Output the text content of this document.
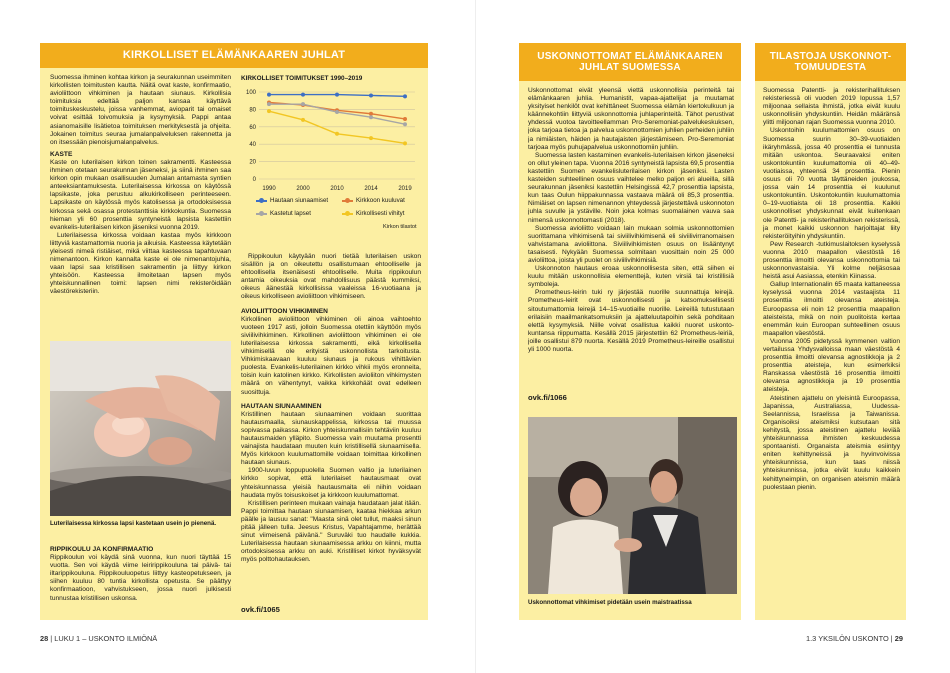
KIRKOLLISET ELÄMÄNKAAREN JUHLAT

Suomessa ihminen kohtaa kirkon ja seurakunnan useimmiten kirkollisten toimitusten kautta. Näitä ovat kaste, konfirmaatio, avioliittoon vihkiminen ja hautaan siunaus. Kirkollisia toimituksia edeltää paljon kansaa käyttävä toimituskeskustelu, joissa vanhemmat, avioparit tai omaiset voivat esittää toivomuksia ja kysymyksiä. Pappi antaa asianomaisille lisätietoa toimituksen merkityksestä ja ohjeita. Jokainen toimitus seuraa jumalanpalveluksen rakennetta ja on itsessään pienoisjumalanpalvelus.

KASTE

Kaste on luterilaisen kirkon toinen sakramentti. Kasteessa ihminen otetaan seurakunnan jäseneksi, ja siinä ihminen saa kirkon opin mukaan osallisuuden Jumalan antamasta syntien anteeksiantamuksesta. Luterilaisessa kirkossa on käytössä lapsikaste, joka perustuu alkukirkolliseen perinteeseen. Lapsikaste on käytössä myös katolisessa ja ortodoksisessa kirkossa sekä osassa protestanttisia kirkkokuntia. Suomessa hieman yli 60 prosenttia syntyneistä lapsista kastettiin evankelis-luterilaisen kirkon jäseniksi vuonna 2019.

Luterilaisessa kirkossa voidaan kastaa myös kirkkoon liittyviä kastamattomia nuoria ja aikuisia. Kasteessa käytetään yleisesti nimeä ristiäiset, mikä viittaa kasteessa tapahtuvaan nimenantoon. Kirkon kannalta kaste ei ole nimenantojuhla, vaan lapsi saa kristillisen sakramentin ja liittyy kirkon yhteisöön. Kasteessa ilmoitetaan lapsen myös yhteiskunnallinen toimi: lapsen nimi rekisteröidään väestörekisteriin.

Luterilaisessa kirkossa lapsi kastetaan usein jo pienenä.
RIPPIKOULU JA KONFIRMAATIO

Rippikoulun voi käydä sinä vuonna, kun nuori täyttää 15 vuotta. Sen voi käydä viime leiririppikouluna tai päivä- tai iltarippikouluna. Rippikouluopetus liittyy kasteopetukseen, ja siihen kuuluu 80 tuntia kirkollista opetusta. Se päättyy konfirmaatioon, vahvistukseen, jossa nuori julkisesti tunnustaa kristillisen uskonsa.

KIRKOLLISET TOIMITUKSET 1990–2019
0
20
40
60
80
100
1990	2000	2010	2014	2019
Hautaan siunaamiset	Kirkkoon kuuluvat
Kastetut lapset	Kirkollisesti vihityt
Kirkon tilastot

Rippikoulun käytyään nuori tietää luterilaisen uskon sisällön ja on oikeutettu osallistumaan ehtoolliselle ja ehtoollisella itsenäisesti ehtoolliselle. Muita rippikoulun antamia oikeuksia ovat mahdollisuus päästä kummiksi, oikeus äänestää kirkollisissa vaaleissa 16-vuotiaana ja oikeus kirkolliseen avioliittoon vihkimiseen.

AVIOLIITTOON VIHKIMINEN

Kirkollinen avioliittoon vihkiminen oli ainoa vaihtoehto vuoteen 1917 asti, jolloin Suomessa otettiin käyttöön myös siviilivihkiminen. Kirkollinen avioliittoon vihkiminen ei ole luterilaisessa kirkossa sakramentti, eikä kirkollisella vihkimisellä ole erityistä uskonnollista tarkoitusta. Vihkimiskaavaan kuuluu siunaus ja rukous vihittävien puolesta. Evankelis-luterilainen kirkko vihkii myös eronneita, toisin kuin katolinen kirkko. Kirkollisten avioliiton vihkimysten määrä on vähentynyt, vaikka kirkkohäät ovat edelleen suosittuja.

HAUTAAN SIUNAAMINEN

Kristillinen hautaan siunaaminen voidaan suorittaa hautausmaalla, siunauskappelissa, kirkossa tai muussa sopivassa paikassa. Kirkon yhteiskunnallisiin tehtäviin kuuluu hautausmaiden ylläpito. Suomessa vain muutama prosentti vainajista haudataan muuten kuin kristillisellä siunaamisella. Myös kirkkoon kuulumattomille voidaan toimittaa kirkollinen hautaan siunaus.

1900-luvun loppupuolella Suomen valtio ja luterilainen kirkko sopivat, että luterilaiset hautausmaat ovat yhteiskunnassa yleisiä hautausmaita eli niihin voidaan haudata myös toisuskoiset ja kirkkoon kuulumattomat.

Kristillisen perinteen mukaan vainaja haudataan jalat itään. Pappi toimittaa hautaan siunaamisen, kaataa hiekkaa arkun päälle ja lausuu sanat: "Maasta sinä olet tullut, maaksi sinun pitää jälleen tulla. Jeesus Kristus, Vapahtajamme, herättää sinut viimeisenä päivänä." Suruväki tuo haudalle kukkia. Luterilaisessa hautaan siunaamisessa arkku on kiinni, mutta ortodoksisessa arkku on auki. Kristilliset kirkot hyväksyvät myös polttohautauksen.

ovk.fi/1065
28 | LUKU 1 – USKONTO ILMIÖNÄ
USKONNOTTOMAT ELÄMÄNKAAREN
JUHLAT SUOMESSA

Uskonnottomat eivät yleensä viettä uskonnollisia perinteitä tai elämänkaaren juhlia. Humanistit, vapaa-ajattelijat ja muutamat yksityiset henkilöt ovat kehittäneet Suomessa elämän kiertokulkuun ja käännekohtiin liittyviä uskonnottomia juhlaperinteitä. Tähot perustivat yhdessä vuotoa tavoitteellamman Pro-Seremoniat-palvelukeskuksen, joka tarjoaa tietoa ja palvelua uskonnottomien juhlien perheiden juhliin ja nimiäisten, häiden ja hautajaisten järjestämiseen. Pro-Seremoniat tarjoaa myös puhujapalvelua uskonnottomiin juhliin.

Suomessa lasten kastaminen evankelis-luterilaisen kirkon jäseneksi on ollut yleinen tapa. Vuonna 2016 syntyneistä lapsista 69,5 prosenttia kastettiin Suomen evankelisluterilaisen kirkon jäseniksi. Lasten kasteiden suhteellinen osuus vaihtelee melko paljon eri alueilla, sillä seurakunnan jäseniksi kastettiin Helsingissä 42,7 prosenttia lapsista, kun taas Oulun hiippakunnassa vastaava määrä oli 85,3 prosenttia. Nimiäiset on lapsen nimenannon yhteydessä järjestettävä uskonnoton juhla suvulle ja ystäville. Noin joka kolmas suomalainen vauva saa nimensä uskonnottomasti (2018).

Suomessa avioliitto voidaan lain mukaan solmia uskonnottomien suorittamana vihkimisenä tai siviilivihkimisenä eli siviilivirranomaisen vahvistamana avioliittona. Siviilivihkimisten osuus on lisääntynyt tasaisesti. Nykyään Suomessa solmitaan vuosittain noin 25 000 avioliittoa, joista yli puolet on siviilivihkimisiä.

Uskonnoton hautaus eroaa uskonnollisesta siten, että siihen ei kuulu mitään uskonnollisia elementtejä, kuten virsiä tai kristillisiä symboleja.

Prometheus-leirin tuki ry järjestää nuorille suunnattuja leirejä. Prometheus-leirit ovat uskonnollisesti ja katsomuksellisesti sitoutumattomia leirejä 14–15-vuotiaille nuorille. Leireillä tutustutaan erilaisiin maailmankatsomuksiin ja ajatteluutapoihin sekä pohditaan elettä kysymyksiä. Niille voivat osallistua kaikki nuoret uskonto-kuntansa riippumatta. Kesällä 2015 järjestettiin 62 Prometheus-leiriä, joille osallistui 879 nuorta. Kesällä 2019 Prometheus-leireille osallistui yli 1000 nuorta.

ovk.fi/1066
Uskonnottomat vihkimiset pidetään usein maistraatissa
TILASTOJA USKONNOT-
TOMUUDESTA

Suomessa Patentti- ja rekisterihallituksen rekisteriessä oli vuoden 2019 lopussa 1,57 miljoonaa sellaista ihmistä, jotka eivät kuulu uskonnollisiin yhdyskuntiin. Heidän määränsä ylitti miljoonan rajan Suomessa vuonna 2010.

Uskontoihin kuulumattomien osuus on Suomessa suurin 30–39-vuotiaiden ikäryhmässä, jossa 40 prosenttia ei tunnusta mitään uskontoa. Seuraavaksi eniten uskontokuntiin kuulumattomia oli 40–49-vuotiaissa, yhteensä 34 prosenttia. Pienin osuus oli 70 vuotta täyttäneiden joukossa, jossa vain 14 prosenttia ei kuulunut uskontokuntiin. Uskontokuntiin kuulumattomia 0–19-vuotiaista oli 18 prosenttia. Kaikki uskonnolliset yhdyskunnat eivät kuitenkaan ole Patentti- ja rekisterihallituksen rekisterissä, ja monet kaikki uskonnon harjoittajat liity rekisteröityihin yhdyskuntiin.

Pew Research -tutkimuslaitoksen kyselyssä vuonna 2010 maapallon väestöstä 16 prosenttia ilmoitti olevansa uskonnottomia tai uskonnonvastaisia. Yli kolme neljäsosaa heistä asui Aasiassa, etenkin Kiinassa.

Gallup Internationalin 65 maata kattaneessa kyselyssä vuonna 2014 vastaajista 11 prosenttia ilmoitti olevansa ateisteja. Euroopassa eli noin 12 prosenttia maapallon ateisteista, mikä on noin puolitoista kertaa enemmän kuin Euroopan suhteellinen osuus maapallon väestöstä.

Vuonna 2005 pidetyssä kymmenen valtion vertailussa Yhdysvalloissa maan väestöstä 4 prosenttia ilmoitti olevansa agnostikkoja ja 2 prosenttia ateisteja, kun esimerkiksi Ranskassa väestöstä 16 prosenttia ilmoitti olevansa agnostikkoja ja 19 prosenttia ateisteja.

Ateistinen ajattelu on yleisintä Euroopassa, Japanissa, Australiassa, Uudessa-Seelannissa, Israelissa ja Taiwanissa. Organisoiksi ateismiksi kutsutaan sitä kehitystä, jossa ateistinen ajattelu leviää yhteiskunnassa ihmisten keskuudessa spontaanisti. Organaista ateismia esiintyy eniten kehittyneissä ja hyvinvoivissa yhteiskunnissa, kun taas niissä yhteiskunnissa, jotka eivät kuulu kaikkein kehittyneimpiin, on organisen ateismin määrä puolestaan pienin.

1.3 YKSILÖN USKONTO | 29
